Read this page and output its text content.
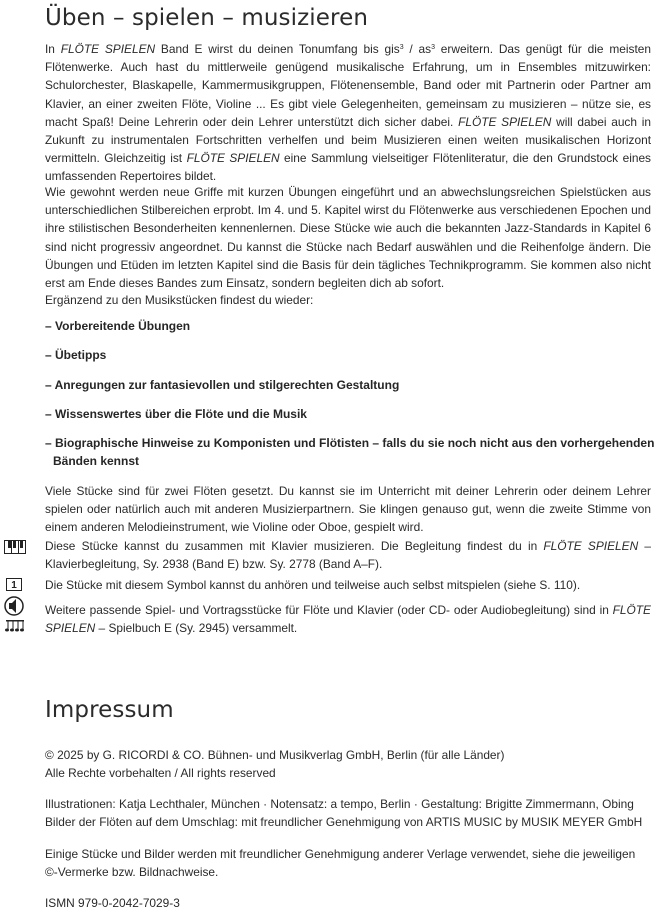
Üben – spielen – musizieren
In FLÖTE SPIELEN Band E wirst du deinen Tonumfang bis $gis^3 / as^3$ erweitern. Das genügt für die meisten Flötenwerke. Auch hast du mittlerweile genügend musikalische Erfahrung, um in Ensembles mitzuwirken: Schulorchester, Blaskapelle, Kammermusikgruppen, Flötenensemble, Band oder mit Partnerin oder Partner am Klavier, an einer zweiten Flöte, Violine ... Es gibt viele Gelegenheiten, gemeinsam zu musizieren – nütze sie, es macht Spaß! Deine Lehrerin oder dein Lehrer unterstützt dich sicher dabei. FLÖTE SPIELEN will dabei auch in Zukunft zu instrumentalen Fortschritten verhelfen und beim Musizieren einen weiten musikalischen Horizont vermitteln. Gleichzeitig ist FLÖTE SPIELEN eine Sammlung vielseitiger Flötenliteratur, die den Grundstock eines umfassenden Repertoires bildet.
Wie gewohnt werden neue Griffe mit kurzen Übungen eingeführt und an abwechslungsreichen Spielstücken aus unterschiedlichen Stilbereichen erprobt. Im 4. und 5. Kapitel wirst du Flötenwerke aus verschiedenen Epochen und ihre stilistischen Besonderheiten kennenlernen. Diese Stücke wie auch die bekannten Jazz-Standards in Kapitel 6 sind nicht progressiv angeordnet. Du kannst die Stücke nach Bedarf auswählen und die Reihenfolge ändern. Die Übungen und Etüden im letzten Kapitel sind die Basis für dein tägliches Technikprogramm. Sie kommen also nicht erst am Ende dieses Bandes zum Einsatz, sondern begleiten dich ab sofort.
Ergänzend zu den Musikstücken findest du wieder:
– Vorbereitende Übungen
– Übetipps
– Anregungen zur fantasievollen und stilgerechten Gestaltung
– Wissenswertes über die Flöte und die Musik
– Biographische Hinweise zu Komponisten und Flötisten – falls du sie noch nicht aus den vorhergehenden Bänden kennst
Viele Stücke sind für zwei Flöten gesetzt. Du kannst sie im Unterricht mit deiner Lehrerin oder deinem Lehrer spielen oder natürlich auch mit anderen Musizierpartnern. Sie klingen genauso gut, wenn die zweite Stimme von einem anderen Melodieinstrument, wie Violine oder Oboe, gespielt wird.
Diese Stücke kannst du zusammen mit Klavier musizieren. Die Begleitung findest du in FLÖTE SPIELEN – Klavierbegleitung, Sy. 2938 (Band E) bzw. Sy. 2778 (Band A–F).
1 Die Stücke mit diesem Symbol kannst du anhören und teilweise auch selbst mitspielen (siehe S. 110).
Weitere passende Spiel- und Vortragsstücke für Flöte und Klavier (oder CD- oder Audiobegleitung) sind in FLÖTE SPIELEN – Spielbuch E (Sy. 2945) versammelt.
Impressum
© 2025 by G. RICORDI & CO. Bühnen- und Musikverlag GmbH, Berlin (für alle Länder)
Alle Rechte vorbehalten / All rights reserved
Illustrationen: Katja Lechthaler, München · Notensatz: a tempo, Berlin · Gestaltung: Brigitte Zimmermann, Obing
Bilder der Flöten auf dem Umschlag: mit freundlicher Genehmigung von ARTIS MUSIC by MUSIK MEYER GmbH
Einige Stücke und Bilder werden mit freundlicher Genehmigung anderer Verlage verwendet, siehe die jeweiligen
©-Vermerke bzw. Bildnachweise.
ISMN 979-0-2042-7029-3
